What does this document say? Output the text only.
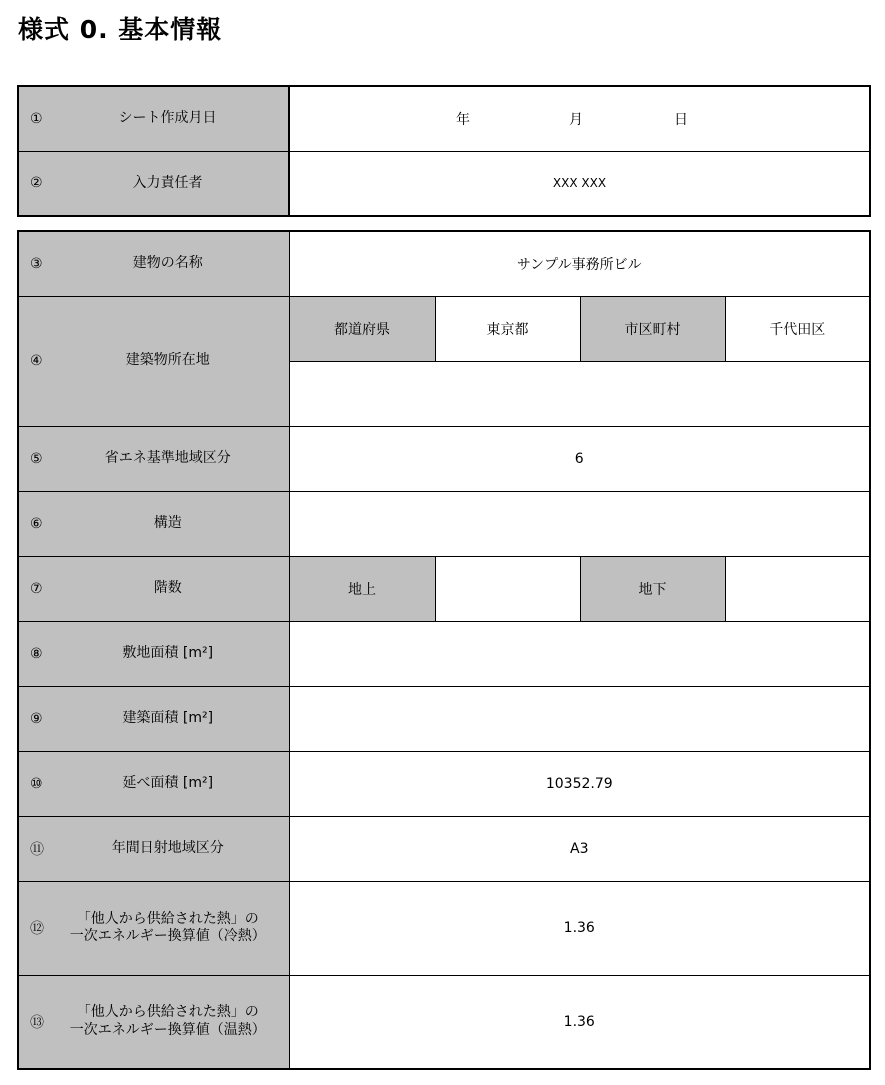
様式 0. 基本情報
① シート作成月日	年 月 日

② 入力責任者	XXX XXX
③ 建物の名称	サンプル事務所ビル			

④ 建築物所在地	都道府県	東京都	市区町村	千代田区

⑤ 省エネ基準地域区分	6			

⑥ 構造				

⑦ 階数	地上		地下	

⑧ 敷地面積 [m²]				

⑨ 建築面積 [m²]				

⑩ 延べ面積 [m²]	10352.79			

⑪ 年間日射地域区分	A3			

⑫
「他人から供給された熱」の
一次エネルギー換算値（冷熱）	1.36			

⑬
「他人から供給された熱」の
一次エネルギー換算値（温熱）	1.36			
